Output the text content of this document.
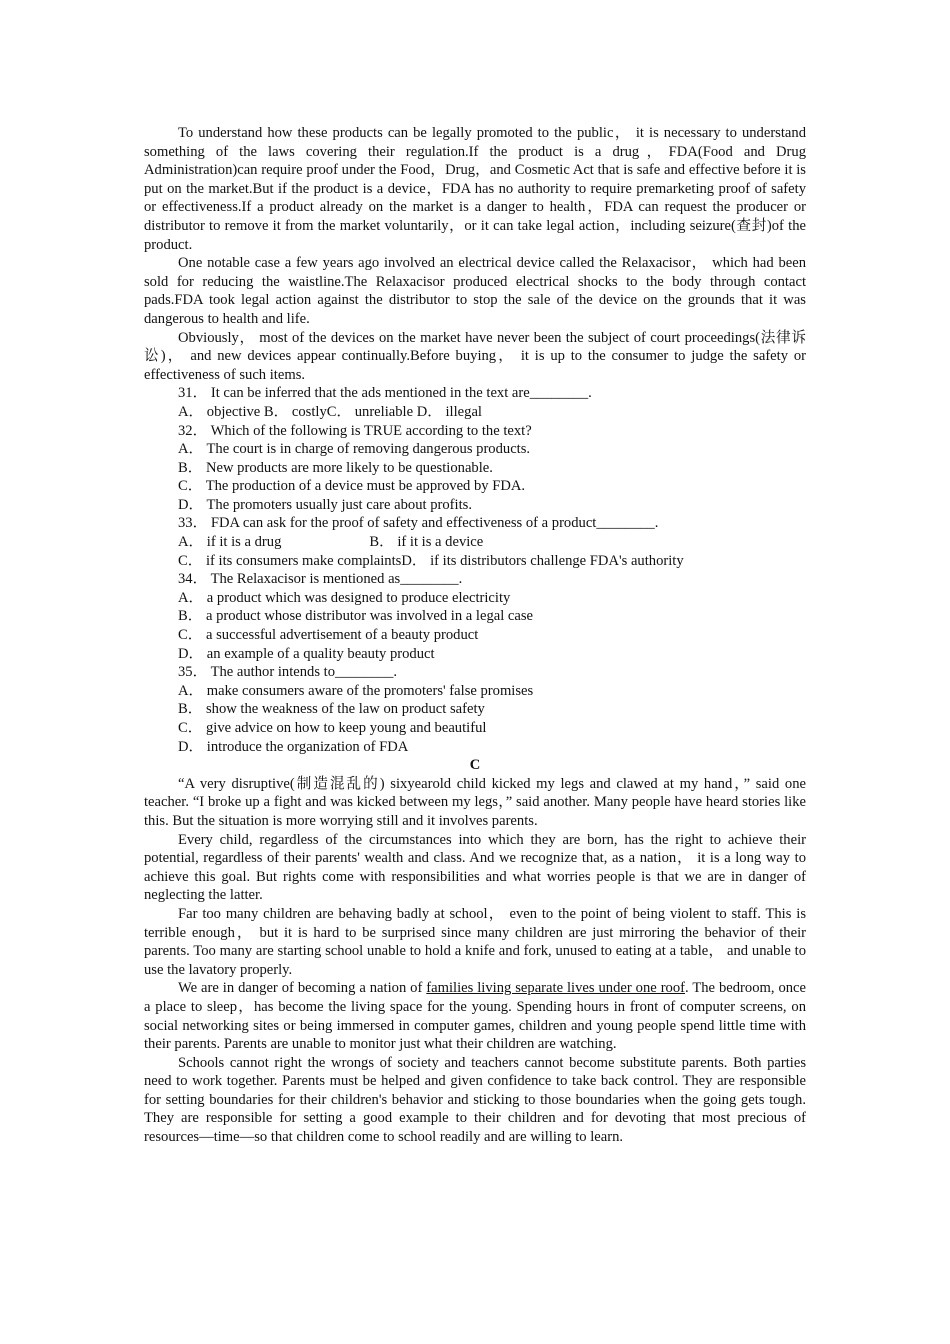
To understand how these products can be legally promoted to the public， it is necessary to understand something of the laws covering their regulation.If the product is a drug，FDA(Food and Drug Administration)can require proof under the Food，Drug，and Cosmetic Act that is safe and effective before it is put on the market.But if the product is a device，FDA has no authority to require premarketing proof of safety or effectiveness.If a product already on the market is a danger to health，FDA can request the producer or distributor to remove it from the market voluntarily，or it can take legal action，including seizure(查封)of the product.

One notable case a few years ago involved an electrical device called the Relaxacisor， which had been sold for reducing the waistline.The Relaxacisor produced electrical shocks to the body through contact pads.FDA took legal action against the distributor to stop the sale of the device on the grounds that it was dangerous to health and life.

Obviously， most of the devices on the market have never been the subject of court proceedings(法律诉讼)， and new devices appear continually.Before buying， it is up to the consumer to judge the safety or effectiveness of such items.

31． It can be inferred that the ads mentioned in the text are________.

A． objective B． costlyC． unreliable D． illegal

32． Which of the following is TRUE according to the text?

A． The court is in charge of removing dangerous products.

B． New products are more likely to be questionable.

C． The production of a device must be approved by FDA.

D． The promoters usually just care about profits.

33． FDA can ask for the proof of safety and effectiveness of a product________.

A． if it is a drug	B． if it is a device

C． if its consumers make complaintsD． if its distributors challenge FDA's authority

34． The Relaxacisor is mentioned as________.

A． a product which was designed to produce electricity

B． a product whose distributor was involved in a legal case

C． a successful advertisement of a beauty product

D． an example of a quality beauty product

35． The author intends to________.

A． make consumers aware of the promoters' false promises

B． show the weakness of the law on product safety

C． give advice on how to keep young and beautiful

D． introduce the organization of FDA

C

“A very disruptive(制造混乱的) sixyearold child kicked my legs and clawed at my hand，” said one teacher. “I broke up a fight and was kicked between my legs，” said another. Many people have heard stories like this. But the situation is more worrying still and it involves parents.

Every child, regardless of the circumstances into which they are born, has the right to achieve their potential, regardless of their parents' wealth and class. And we recognize that, as a nation， it is a long way to achieve this goal. But rights come with responsibilities and what worries people is that we are in danger of neglecting the latter.

Far too many children are behaving badly at school， even to the point of being violent to staff. This is terrible enough， but it is hard to be surprised since many children are just mirroring the behavior of their parents. Too many are starting school unable to hold a knife and fork, unused to eating at a table， and unable to use the lavatory properly.

We are in danger of becoming a nation of families living separate lives under one roof. The bedroom, once a place to sleep，has become the living space for the young. Spending hours in front of computer screens, on social networking sites or being immersed in computer games, children and young people spend little time with their parents. Parents are unable to monitor just what their children are watching.

Schools cannot right the wrongs of society and teachers cannot become substitute parents. Both parties need to work together. Parents must be helped and given confidence to take back control. They are responsible for setting boundaries for their children's behavior and sticking to those boundaries when the going gets tough. They are responsible for setting a good example to their children and for devoting that most precious of resources—time—so that children come to school readily and are willing to learn.
